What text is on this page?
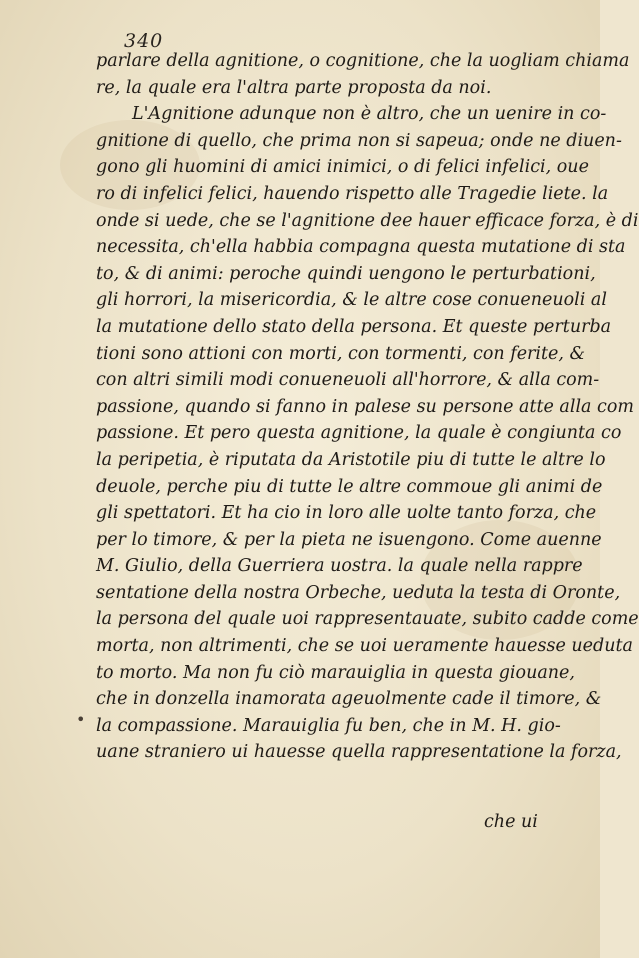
340
parlare della agnitione, o cognitione, che la uogliam chiama
re, la quale era l'altra parte proposta da noi.
L'Agnitione adunque non è altro, che un uenire in co-
gnitione di quello, che prima non si sapeua; onde ne diuen-
gono gli huomini di amici inimici, o di felici infelici, oue
ro di infelici felici, hauendo rispetto alle Tragedie liete. la
onde si uede, che se l'agnitione dee hauer efficace forza, è di
necessita, ch'ella habbia compagna questa mutatione di sta
to, & di animi: peroche quindi uengono le perturbationi,
gli horrori, la misericordia, & le altre cose conueneuoli al
la mutatione dello stato della persona. Et queste perturba
tioni sono attioni con morti, con tormenti, con ferite, &
con altri simili modi conueneuoli all'horrore, & alla com-
passione, quando si fanno in palese su persone atte alla com
passione. Et pero questa agnitione, la quale è congiunta co
la peripetia, è riputata da Aristotile piu di tutte le altre lo
deuole, perche piu di tutte le altre commoue gli animi de
gli spettatori. Et ha cio in loro alle uolte tanto forza, che
per lo timore, & per la pieta ne isuengono. Come auenne
M. Giulio, della Guerriera uostra. la quale nella rappre
sentatione della nostra Orbeche, ueduta la testa di Oronte,
la persona del quale uoi rappresentauate, subito cadde come
morta, non altrimenti, che se uoi ueramente hauesse ueduta
to morto. Ma non fu ciò marauiglia in questa giouane,
che in donzella inamorata ageuolmente cade il timore, &
la compassione. Marauiglia fu ben, che in M. H. gio-
uane straniero ui hauesse quella rappresentatione la forza,
•
che ui
